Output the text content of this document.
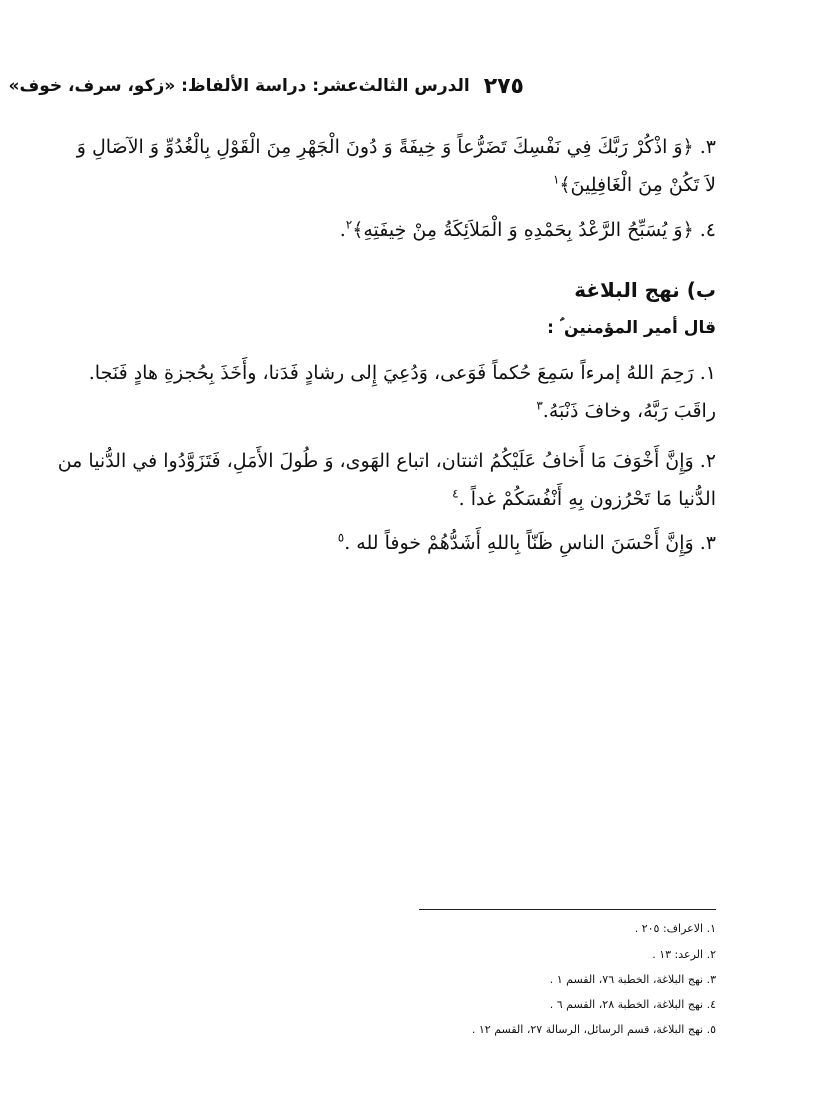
٢٧٥
الدرس الثالث‌عشر: دراسة الألفاظ: «زكو، سرف، خوف»
٣. ﴿وَ اذْكُرْ رَبَّكَ فِي نَفْسِكَ تَضَرُّعاً وَ خِيفَةً وَ دُونَ الْجَهْرِ مِنَ الْقَوْلِ بِالْغُدُوِّ وَ الآصَالِ وَ
لاَ تَكُنْ مِنَ الْغَافِلِينَ﴾$^١$
٤. ﴿وَ يُسَبِّحُ الرَّعْدُ بِحَمْدِهِ وَ الْمَلاَئِكَةُ مِنْ خِيفَتِهِ﴾$^٢$.
ب) نهج البلاغة
قال أمير المؤمنين ؑ :
١. رَحِمَ اللهُ إمرءاً سَمِعَ حُكماً فَوَعى، وَدُعِيَ إِلى رشادٍ فَدَنا، وأَخَذَ بِحُجزةِ هادٍ فَنَجا.
راقَبَ رَبَّهُ، وخافَ ذَنْبَهُ.$^٣$
٢. وَإِنَّ أَخْوَفَ مَا أَخافُ عَلَيْكُمُ اثنتان، اتباع الهَوى، وَ طُولَ الأَمَلِ، فَتَزَوَّدُوا في الدُّنيا من
الدُّنيا مَا تَحْرُزون بِهِ أَنْفُسَكُمْ غداً .$^٤$
٣. وَإِنَّ أَحْسَنَ الناسِ ظَنّاً بِاللهِ أَشَدُّهُمْ خوفاً لله .$^٥$
١. الاعراف: ٢٠٥ .
٢. الرعد: ١٣ .
٣. نهج البلاغة، الخطبة ٧٦، القسم ١ .
٤. نهج البلاغة، الخطبة ٢٨، القسم ٦ .
٥. نهج البلاغة، قسم الرسائل، الرسالة ٢٧، القسم ١٢ .
